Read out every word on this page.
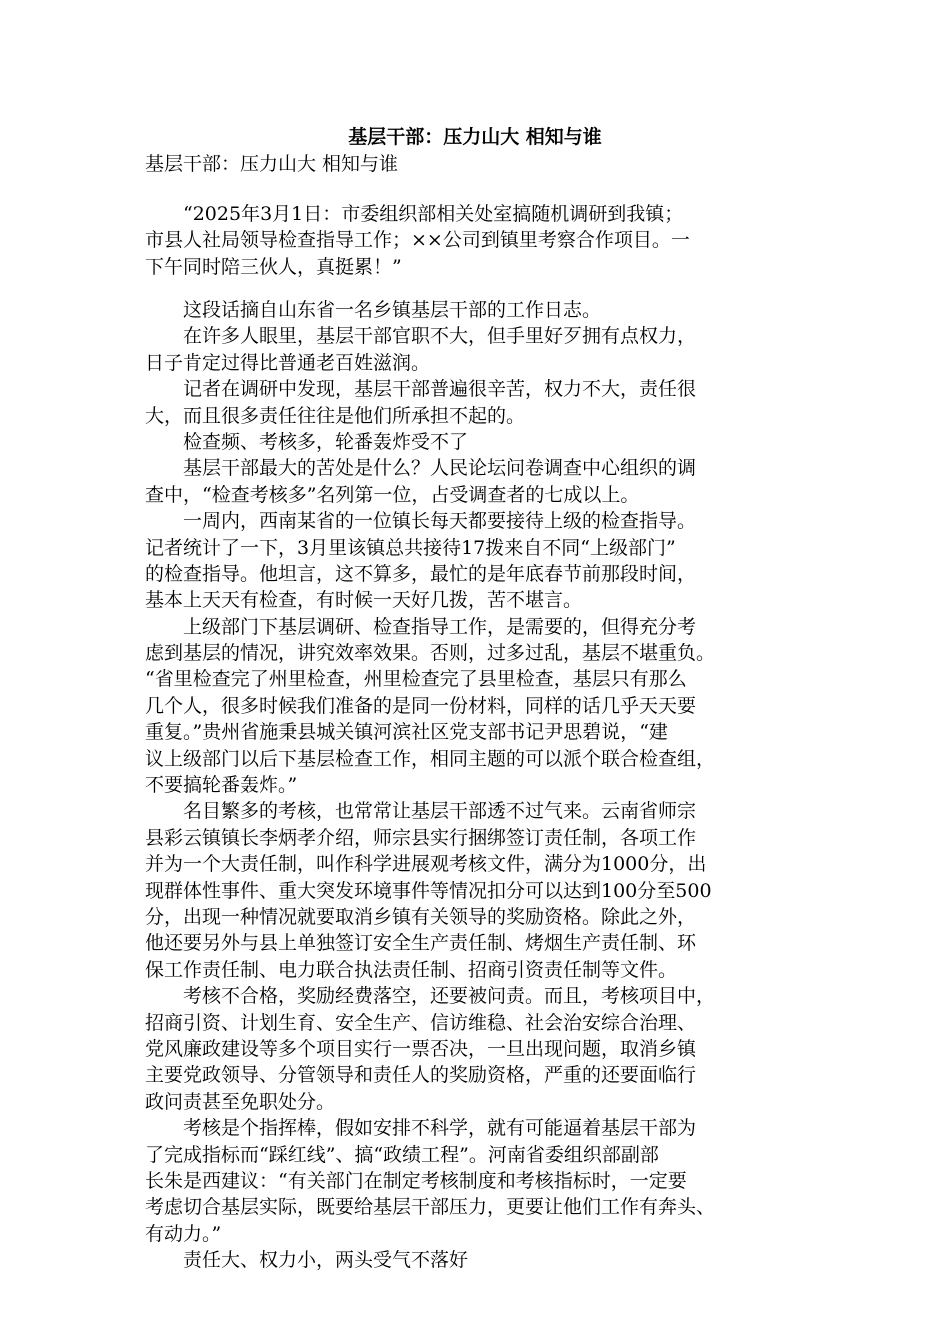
基层干部：压力山大 相知与谁

基层干部：压力山大 相知与谁

　　“2025年3月1日：市委组织部相关处室搞随机调研到我镇；
市县人社局领导检查指导工作；××公司到镇里考察合作项目。一
下午同时陪三伙人，真挺累！”
　　这段话摘自山东省一名乡镇基层干部的工作日志。
　　在许多人眼里，基层干部官职不大，但手里好歹拥有点权力，
日子肯定过得比普通老百姓滋润。
　　记者在调研中发现，基层干部普遍很辛苦，权力不大，责任很
大，而且很多责任往往是他们所承担不起的。
　　检查频、考核多，轮番轰炸受不了
　　基层干部最大的苦处是什么？人民论坛问卷调查中心组织的调
查中，“检查考核多”名列第一位，占受调查者的七成以上。
　　一周内，西南某省的一位镇长每天都要接待上级的检查指导。
记者统计了一下，3月里该镇总共接待17拨来自不同“上级部门”
的检查指导。他坦言，这不算多，最忙的是年底春节前那段时间，
基本上天天有检查，有时候一天好几拨，苦不堪言。
　　上级部门下基层调研、检查指导工作，是需要的，但得充分考
虑到基层的情况，讲究效率效果。否则，过多过乱，基层不堪重负。
“省里检查完了州里检查，州里检查完了县里检查，基层只有那么
几个人，很多时候我们准备的是同一份材料，同样的话几乎天天要
重复。”贵州省施秉县城关镇河滨社区党支部书记尹思碧说，“建
议上级部门以后下基层检查工作，相同主题的可以派个联合检查组，
不要搞轮番轰炸。”
　　名目繁多的考核，也常常让基层干部透不过气来。云南省师宗
县彩云镇镇长李炳孝介绍，师宗县实行捆绑签订责任制，各项工作
并为一个大责任制，叫作科学进展观考核文件，满分为1000分，出
现群体性事件、重大突发环境事件等情况扣分可以达到100分至500
分，出现一种情况就要取消乡镇有关领导的奖励资格。除此之外，
他还要另外与县上单独签订安全生产责任制、烤烟生产责任制、环
保工作责任制、电力联合执法责任制、招商引资责任制等文件。
　　考核不合格，奖励经费落空，还要被问责。而且，考核项目中，
招商引资、计划生育、安全生产、信访维稳、社会治安综合治理、
党风廉政建设等多个项目实行一票否决，一旦出现问题，取消乡镇
主要党政领导、分管领导和责任人的奖励资格，严重的还要面临行
政问责甚至免职处分。
　　考核是个指挥棒，假如安排不科学，就有可能逼着基层干部为
了完成指标而“踩红线”、搞“政绩工程”。河南省委组织部副部
长朱是西建议：“有关部门在制定考核制度和考核指标时，一定要
考虑切合基层实际，既要给基层干部压力，更要让他们工作有奔头、
有动力。”
　　责任大、权力小，两头受气不落好
